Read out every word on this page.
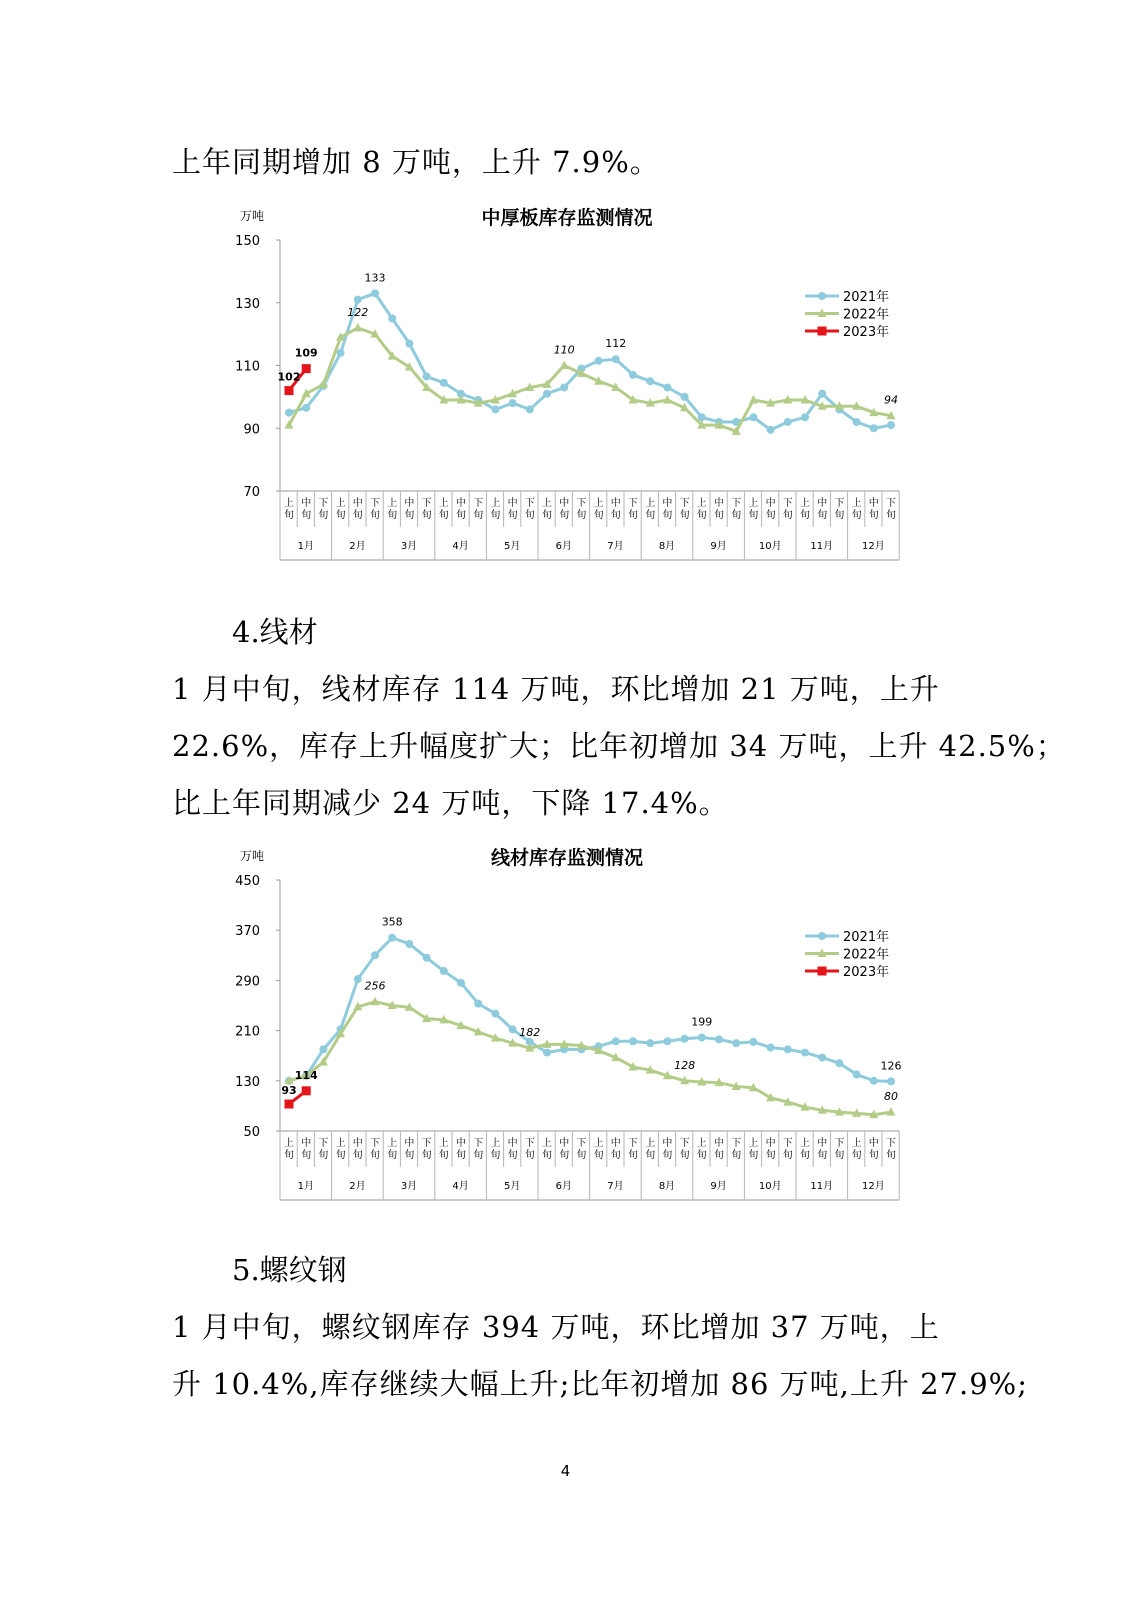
上年同期增加 8 万吨，上升 7.9%。

中厚板库存监测情况
万吨
70
90
110
130
150
上旬
中旬
下旬
上旬
中旬
下旬
上旬
中旬
下旬
上旬
中旬
下旬
上旬
中旬
下旬
上旬
中旬
下旬
上旬
中旬
下旬
上旬
中旬
下旬
上旬
中旬
下旬
上旬
中旬
下旬
上旬
中旬
下旬
上旬
中旬
下旬
1月	2月	3月	4月	5月	6月	7月	8月	9月	10月	11月	12月
133
112
122
110
94
102
109
2021年
2022年
2023年

4.线材

1 月中旬，线材库存 114 万吨，环比增加 21 万吨，上升

22.6%，库存上升幅度扩大；比年初增加 34 万吨，上升 42.5%；

比上年同期减少 24 万吨，下降 17.4%。

线材库存监测情况
万吨
50
130
210
290
370
450
上旬
中旬
下旬
上旬
中旬
下旬
上旬
中旬
下旬
上旬
中旬
下旬
上旬
中旬
下旬
上旬
中旬
下旬
上旬
中旬
下旬
上旬
中旬
下旬
上旬
中旬
下旬
上旬
中旬
下旬
上旬
中旬
下旬
上旬
中旬
下旬
1月	2月	3月	4月	5月	6月	7月	8月	9月	10月	11月	12月
358
199
126
256
182
128
80
93
114
2021年
2022年
2023年

5.螺纹钢

1 月中旬，螺纹钢库存 394 万吨，环比增加 37 万吨，上

升 10.4%,库存继续大幅上升;比年初增加 86 万吨,上升 27.9%;

4
